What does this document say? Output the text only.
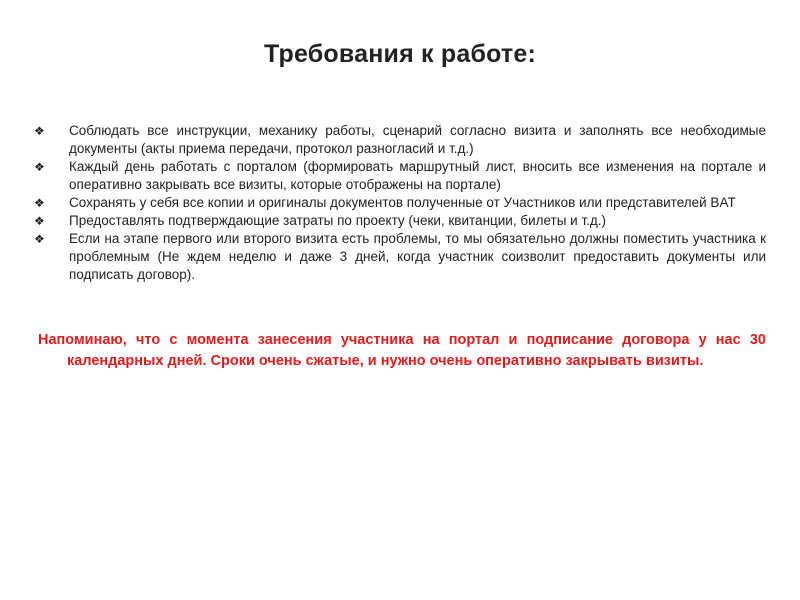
Требования к работе:
❖ Соблюдать все инструкции, механику работы, сценарий согласно визита и заполнять все необходимые документы (акты приема передачи, протокол разногласий и т.д.)
❖ Каждый день работать с порталом (формировать маршрутный лист, вносить все изменения на портале и оперативно закрывать все визиты, которые отображены на портале)
❖ Сохранять у себя все копии и оригиналы документов полученные от Участников или представителей BAT
❖ Предоставлять подтверждающие затраты по проекту (чеки, квитанции, билеты и т.д.)
❖ Если на этапе первого или второго визита есть проблемы, то мы обязательно должны поместить участника к проблемным (Не ждем неделю и даже 3 дней, когда участник соизволит предоставить документы или подписать договор).

Напоминаю, что с момента занесения участника на портал и подписание договора у нас 30 календарных дней. Сроки очень сжатые, и нужно очень оперативно закрывать визиты.
